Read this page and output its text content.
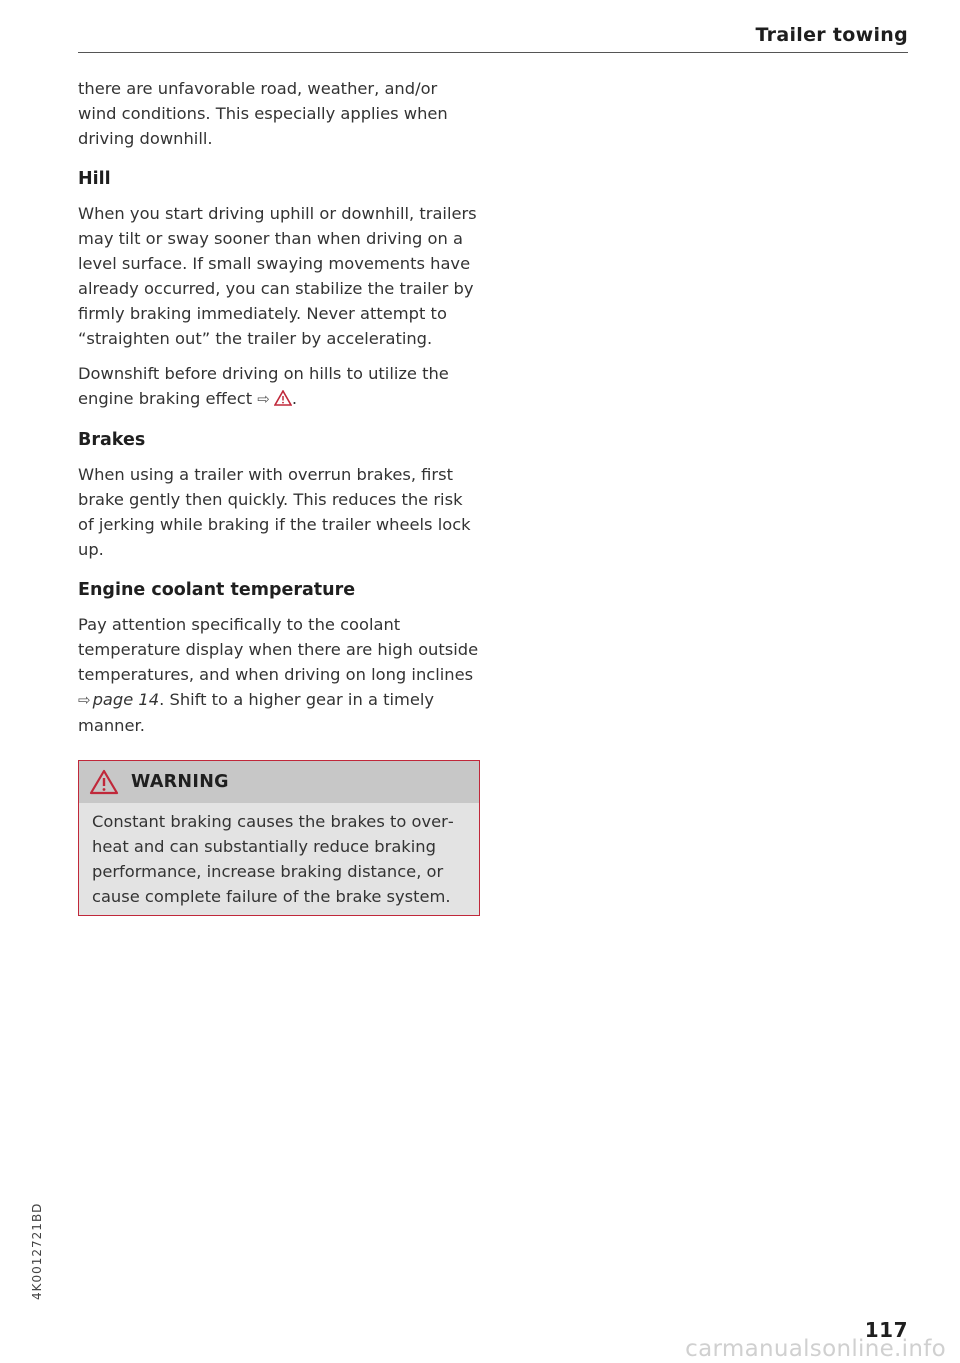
Trailer towing

there are unfavorable road, weather, and/or wind conditions. This especially applies when driving downhill.

Hill

When you start driving uphill or downhill, trailers may tilt or sway sooner than when driving on a level surface. If small swaying movements have already occurred, you can stabilize the trailer by firmly braking immediately. Never attempt to “straighten out” the trailer by accelerating.

Downshift before driving on hills to utilize the engine braking effect ⇨ .

Brakes

When using a trailer with overrun brakes, first brake gently then quickly. This reduces the risk of jerking while braking if the trailer wheels lock up.

Engine coolant temperature

Pay attention specifically to the coolant temperature display when there are high outside temperatures, and when driving on long inclines ⇨ page 14. Shift to a higher gear in a timely manner.

WARNING
Constant braking causes the brakes to overheat and can substantially reduce braking performance, increase braking distance, or cause complete failure of the brake system.
4K0012721BD
117
carmanualsonline.info
